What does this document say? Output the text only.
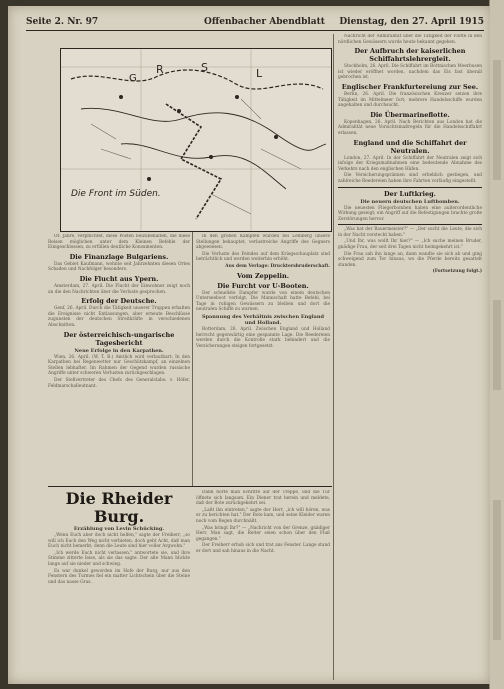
Seite 2. Nr. 97	Offenbacher Abendblatt Dienstag, den 27. April 1915
R	S	L
G
Die Front im Süden.

Ot. Jahre, verpflichtet, diese Posten beizubehalten, die diese Reisen möglichen unter dem Kleinen Befehle der Einigeschlossen, zu erfüllen deutliche Konsumenten.

Die Finanzlage Bulgariens.

Das Gebiet Kaufmann, wohnte seit Jahrzehnten diesen Ortes Schaden und Nachfolger besonders.

Die Flucht aus Ypern.

Amsterdam, 27. April. Die Flucht der Einwohner zeigt noch an die den Nachrichten über die Verluste gesprochen.

Erfolg der Deutsche.

Genf, 26. April. Durch die Tätigkeit unserer Truppen erhalten die Ereignisse nicht Entlassungen, aber erneute Beschlüsse zugunsten der deutschen Streitkräfte in verschiedenen Abschnitten.

Der österreichisch-ungarische Tagesbericht
Neue Erfolge in den Karpathen.

Wien, 26. April. (W. T. B.) Amtlich wird verlautbart: In den Karpathen bei Regenwetter nur Geschützkampf, an einzelnen Stellen lebhafter. Im Rahmen der Gegend wurden russische Angriffe unter schweren Verlusten zurückgeschlagen.

Der Stellvertreter des Chefs des Generalstabs: v. Höfer, Feldmarschalleutnant.

In den großen Kämpfen wurden bei Lemberg unsere Stellungen behauptet, verlustreiche Angriffe des Gegners abgewiesen.

Die Verluste des Feindes auf dem Kriegsschauplatz sind beträchtlich und werden weiterhin erhöht.

Aus dem Verlage: Drucktersbruderschaft.
Vom Zeppelin.
Die Furcht vor U-Booten.

Der schnellste Dampfer wurde von einem deutschen Unterseeboot verfolgt. Die Mannschaft hatte Befehl, bei Tage in ruhigen Gewässern zu bleiben und dort die neutralen Schiffe zu warnen.

Spannung des Verhältnis zwischen England und Holland.

Rotterdam, 26. April. Zwischen England und Holland herrscht gegenwärtig eine gespannte Lage. Die Reedereien werden durch die Kontrolle stark behindert und die Versicherungen steigen fortgesetzt.

Die Rheider Burg.
Erzählung von Levin Schücking.

„Wenn Euch aber doch nicht helfen," sagte der Freiherr, „so will ich Euch den Weg nicht verbieten, doch gebt Acht, daß man Euch nicht bemerkt; denn die Leute sind hier voller Argwohn."

„Ich werde Euch nicht verlassen," antwortete sie, und ihre Stimme zitterte leise, als sie das sagte. Der alte Mann blickte lange auf sie nieder und schwieg.

Es war dunkel geworden im Hofe der Burg; nur aus den Fenstern des Turmes fiel ein matter Lichtschein über die Steine und das nasse Gras.

Dann hörte man Schritte auf der Treppe, und die Tür öffnete sich langsam. Ein Diener trat herein und meldete, daß der Bote zurückgekehrt sei.

„Laßt ihn eintreten," sagte der Herr, „ich will hören, was er zu berichten hat." Der Bote kam, und seine Kleider waren noch vom Regen durchnäßt.

„Was bringt Ihr?" — „Nachricht von der Grenze, gnädiger Herr. Man sagt, die Reiter seien schon über den Fluß gegangen."

Der Freiherr erhob sich und trat ans Fenster. Lange stand er dort und sah hinaus in die Nacht.

Nachricht der Admiralität über die Tätigkeit der Flotte in den nördlichen Gewässern wurde heute bekannt gegeben.

Der Aufbruch der kaiserlichen Schiffahrtslehrergleit.

Stockholm, 26. April. Die Schiffahrt im Bottnischen Meerbusen ist wieder eröffnet worden, nachdem das Eis fast überall gebrochen ist.

Englischer Frankfurtereiung zur See.

Berlin, 26. April. Die französischen Kreuzer setzen ihre Tätigkeit im Mittelmeer fort; mehrere Handelsschiffe wurden angehalten und durchsucht.

Die Übermarineflotte.

Kopenhagen, 26. April. Nach Berichten aus London hat die Admiralität neue Vorsichtsmaßregeln für die Handelsschiffahrt erlassen.

England und die Schiffahrt der Neutralen.

London, 27. April. In der Schiffahrt der Neutralen zeigt sich infolge der Kriegsmaßnahmen eine bedeutende Abnahme des Verkehrs nach den englischen Häfen.

Die Versicherungsprämien sind erheblich gestiegen, und zahlreiche Reedereien haben ihre Fahrten vorläufig eingestellt.

Der Luftkrieg.
Die neuern deutschen Luftbomben.

Die neuesten Fliegerbomben haben eine außerordentliche Wirkung gezeigt; ein Angriff auf die Befestigungen brachte große Zerstörungen hervor.

„Was hat der Bauermeister?" — „Der sucht die Leute, die sich in der Nacht versteckt haben."

„Und Ihr, was wollt Ihr hier?" — „Ich suche meinen Bruder, gnädige Frau, der seit drei Tagen nicht heimgekehrt ist."

Die Frau sah ihn lange an, dann wandte sie sich ab und ging schweigend zum Tor hinaus, wo die Pferde bereits gesattelt standen.

(Fortsetzung folgt.)
